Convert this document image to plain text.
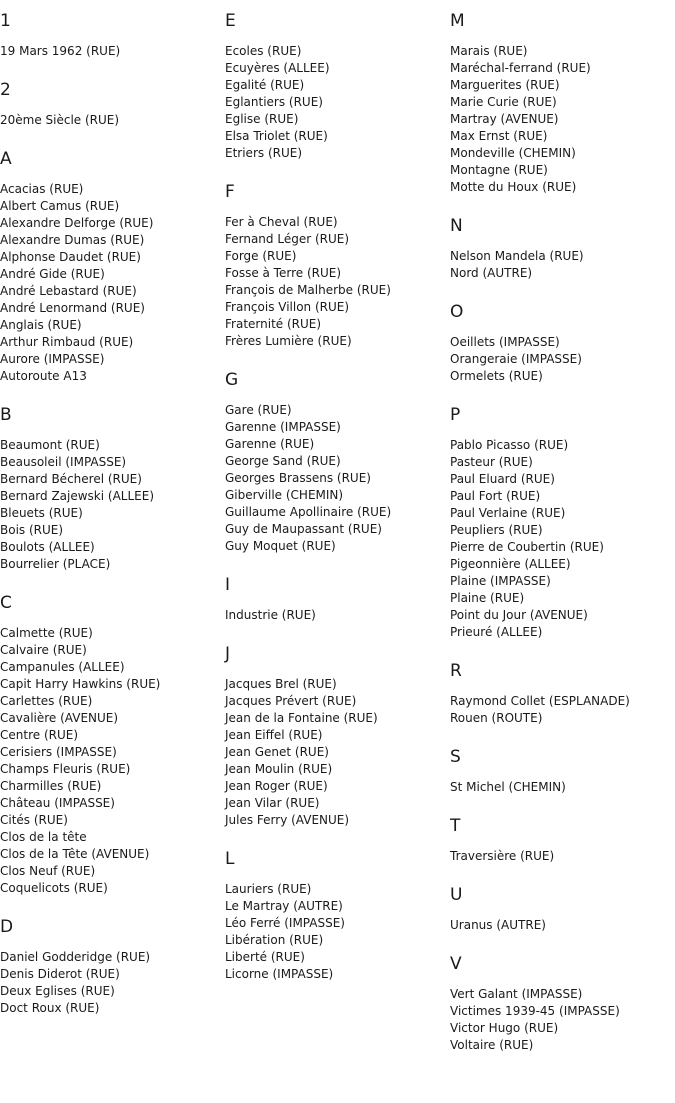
1
19 Mars 1962 (RUE)
2
20ème Siècle (RUE)
A
Acacias (RUE)
Albert Camus (RUE)
Alexandre Delforge (RUE)
Alexandre Dumas (RUE)
Alphonse Daudet (RUE)
André Gide (RUE)
André Lebastard (RUE)
André Lenormand (RUE)
Anglais (RUE)
Arthur Rimbaud (RUE)
Aurore (IMPASSE)
Autoroute A13
B
Beaumont (RUE)
Beausoleil (IMPASSE)
Bernard Bécherel (RUE)
Bernard Zajewski (ALLEE)
Bleuets (RUE)
Bois (RUE)
Boulots (ALLEE)
Bourrelier (PLACE)
C
Calmette (RUE)
Calvaire (RUE)
Campanules (ALLEE)
Capit Harry Hawkins (RUE)
Carlettes (RUE)
Cavalière (AVENUE)
Centre (RUE)
Cerisiers (IMPASSE)
Champs Fleuris (RUE)
Charmilles (RUE)
Château (IMPASSE)
Cités (RUE)
Clos de la tête
Clos de la Tête (AVENUE)
Clos Neuf (RUE)
Coquelicots (RUE)
D
Daniel Godderidge (RUE)
Denis Diderot (RUE)
Deux Eglises (RUE)
Doct Roux (RUE)
E
Ecoles (RUE)
Ecuyères (ALLEE)
Egalité (RUE)
Eglantiers (RUE)
Eglise (RUE)
Elsa Triolet (RUE)
Etriers (RUE)
F
Fer à Cheval (RUE)
Fernand Léger (RUE)
Forge (RUE)
Fosse à Terre (RUE)
François de Malherbe (RUE)
François Villon (RUE)
Fraternité (RUE)
Frères Lumière (RUE)
G
Gare (RUE)
Garenne (IMPASSE)
Garenne (RUE)
George Sand (RUE)
Georges Brassens (RUE)
Giberville (CHEMIN)
Guillaume Apollinaire (RUE)
Guy de Maupassant (RUE)
Guy Moquet (RUE)
I
Industrie (RUE)
J
Jacques Brel (RUE)
Jacques Prévert (RUE)
Jean de la Fontaine (RUE)
Jean Eiffel (RUE)
Jean Genet (RUE)
Jean Moulin (RUE)
Jean Roger (RUE)
Jean Vilar (RUE)
Jules Ferry (AVENUE)
L
Lauriers (RUE)
Le Martray (AUTRE)
Léo Ferré (IMPASSE)
Libération (RUE)
Liberté (RUE)
Licorne (IMPASSE)
M
Marais (RUE)
Maréchal-ferrand (RUE)
Marguerites (RUE)
Marie Curie (RUE)
Martray (AVENUE)
Max Ernst (RUE)
Mondeville (CHEMIN)
Montagne (RUE)
Motte du Houx (RUE)
N
Nelson Mandela (RUE)
Nord (AUTRE)
O
Oeillets (IMPASSE)
Orangeraie (IMPASSE)
Ormelets (RUE)
P
Pablo Picasso (RUE)
Pasteur (RUE)
Paul Eluard (RUE)
Paul Fort (RUE)
Paul Verlaine (RUE)
Peupliers (RUE)
Pierre de Coubertin (RUE)
Pigeonnière (ALLEE)
Plaine (IMPASSE)
Plaine (RUE)
Point du Jour (AVENUE)
Prieuré (ALLEE)
R
Raymond Collet (ESPLANADE)
Rouen (ROUTE)
S
St Michel (CHEMIN)
T
Traversière (RUE)
U
Uranus (AUTRE)
V
Vert Galant (IMPASSE)
Victimes 1939-45 (IMPASSE)
Victor Hugo (RUE)
Voltaire (RUE)
